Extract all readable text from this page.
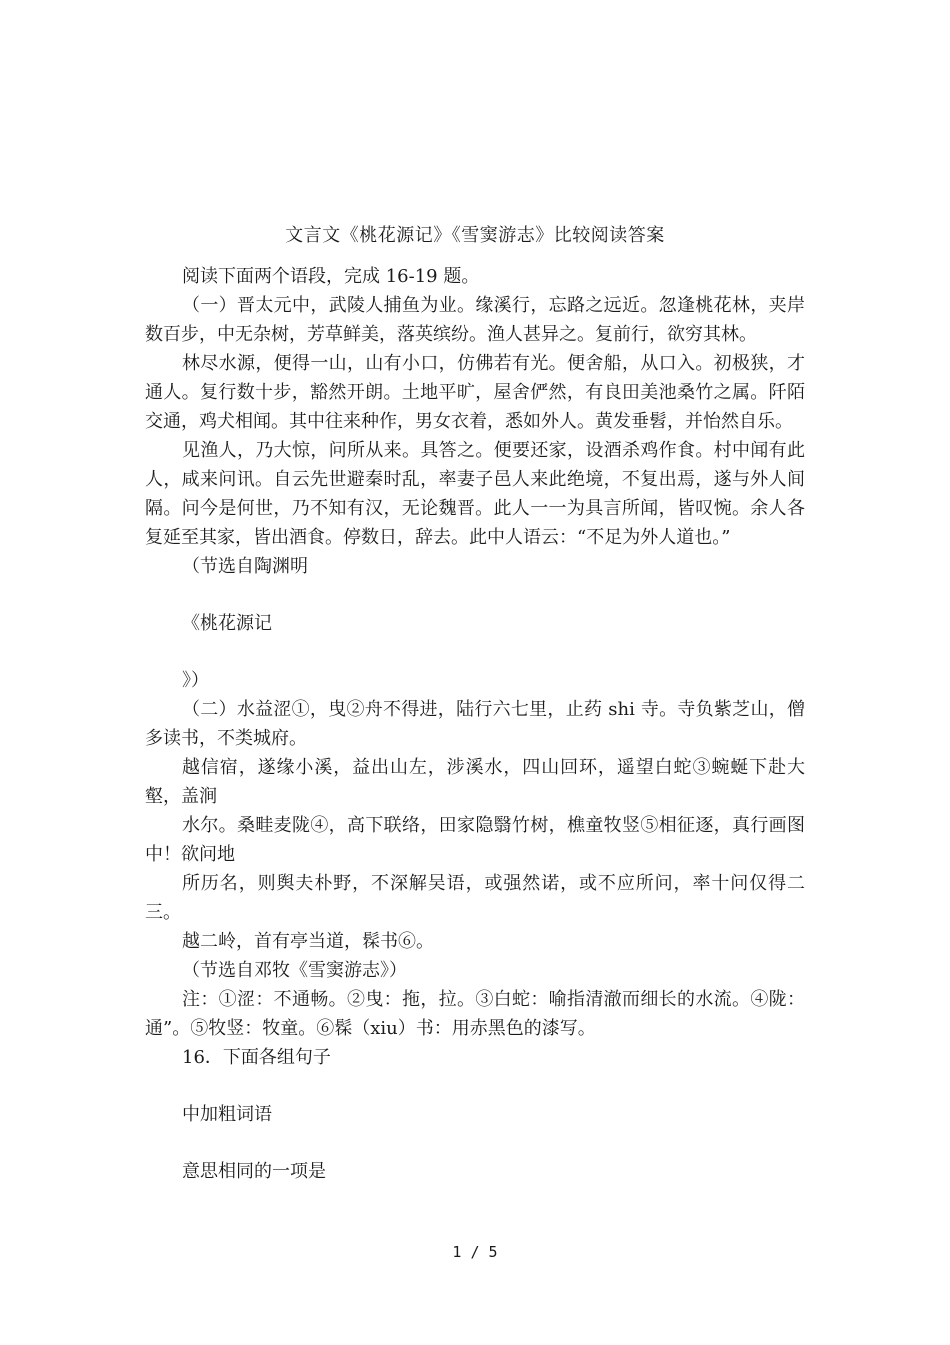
文言文《桃花源记》《雪窦游志》比较阅读答案

阅读下面两个语段，完成 16-19 题。

（一）晋太元中，武陵人捕鱼为业。缘溪行，忘路之远近。忽逢桃花林，夹岸数百步，中无杂树，芳草鲜美，落英缤纷。渔人甚异之。复前行，欲穷其林。

林尽水源，便得一山，山有小口，仿佛若有光。便舍船，从口入。初极狭，才通人。复行数十步，豁然开朗。土地平旷，屋舍俨然，有良田美池桑竹之属。阡陌交通，鸡犬相闻。其中往来种作，男女衣着，悉如外人。黄发垂髫，并怡然自乐。

见渔人，乃大惊，问所从来。具答之。便要还家，设酒杀鸡作食。村中闻有此人，咸来问讯。自云先世避秦时乱，率妻子邑人来此绝境，不复出焉，遂与外人间隔。问今是何世，乃不知有汉，无论魏晋。此人一一为具言所闻，皆叹惋。余人各复延至其家，皆出酒食。停数日，辞去。此中人语云：“不足为外人道也。”

（节选自陶渊明

《桃花源记

》）

（二）水益涩①，曳②舟不得进，陆行六七里，止药 shi 寺。寺负紫芝山，僧多读书，不类城府。

越信宿，遂缘小溪，益出山左，涉溪水，四山回环，遥望白蛇③蜿蜒下赴大壑，盖涧

水尔。桑畦麦陇④，高下联络，田家隐翳竹树，樵童牧竖⑤相征逐，真行画图中！欲问地

所历名，则舆夫朴野，不深解吴语，或强然诺，或不应所问，率十问仅得二三。

越二岭，首有亭当道，髹书⑥。

（节选自邓牧《雪窦游志》）

注：①涩：不通畅。②曳：拖，拉。③白蛇：喻指清澈而细长的水流。④陇：通”。⑤牧竖：牧童。⑥髹（xiu）书：用赤黑色的漆写。

16．下面各组句子

中加粗词语

意思相同的一项是

1 / 5
